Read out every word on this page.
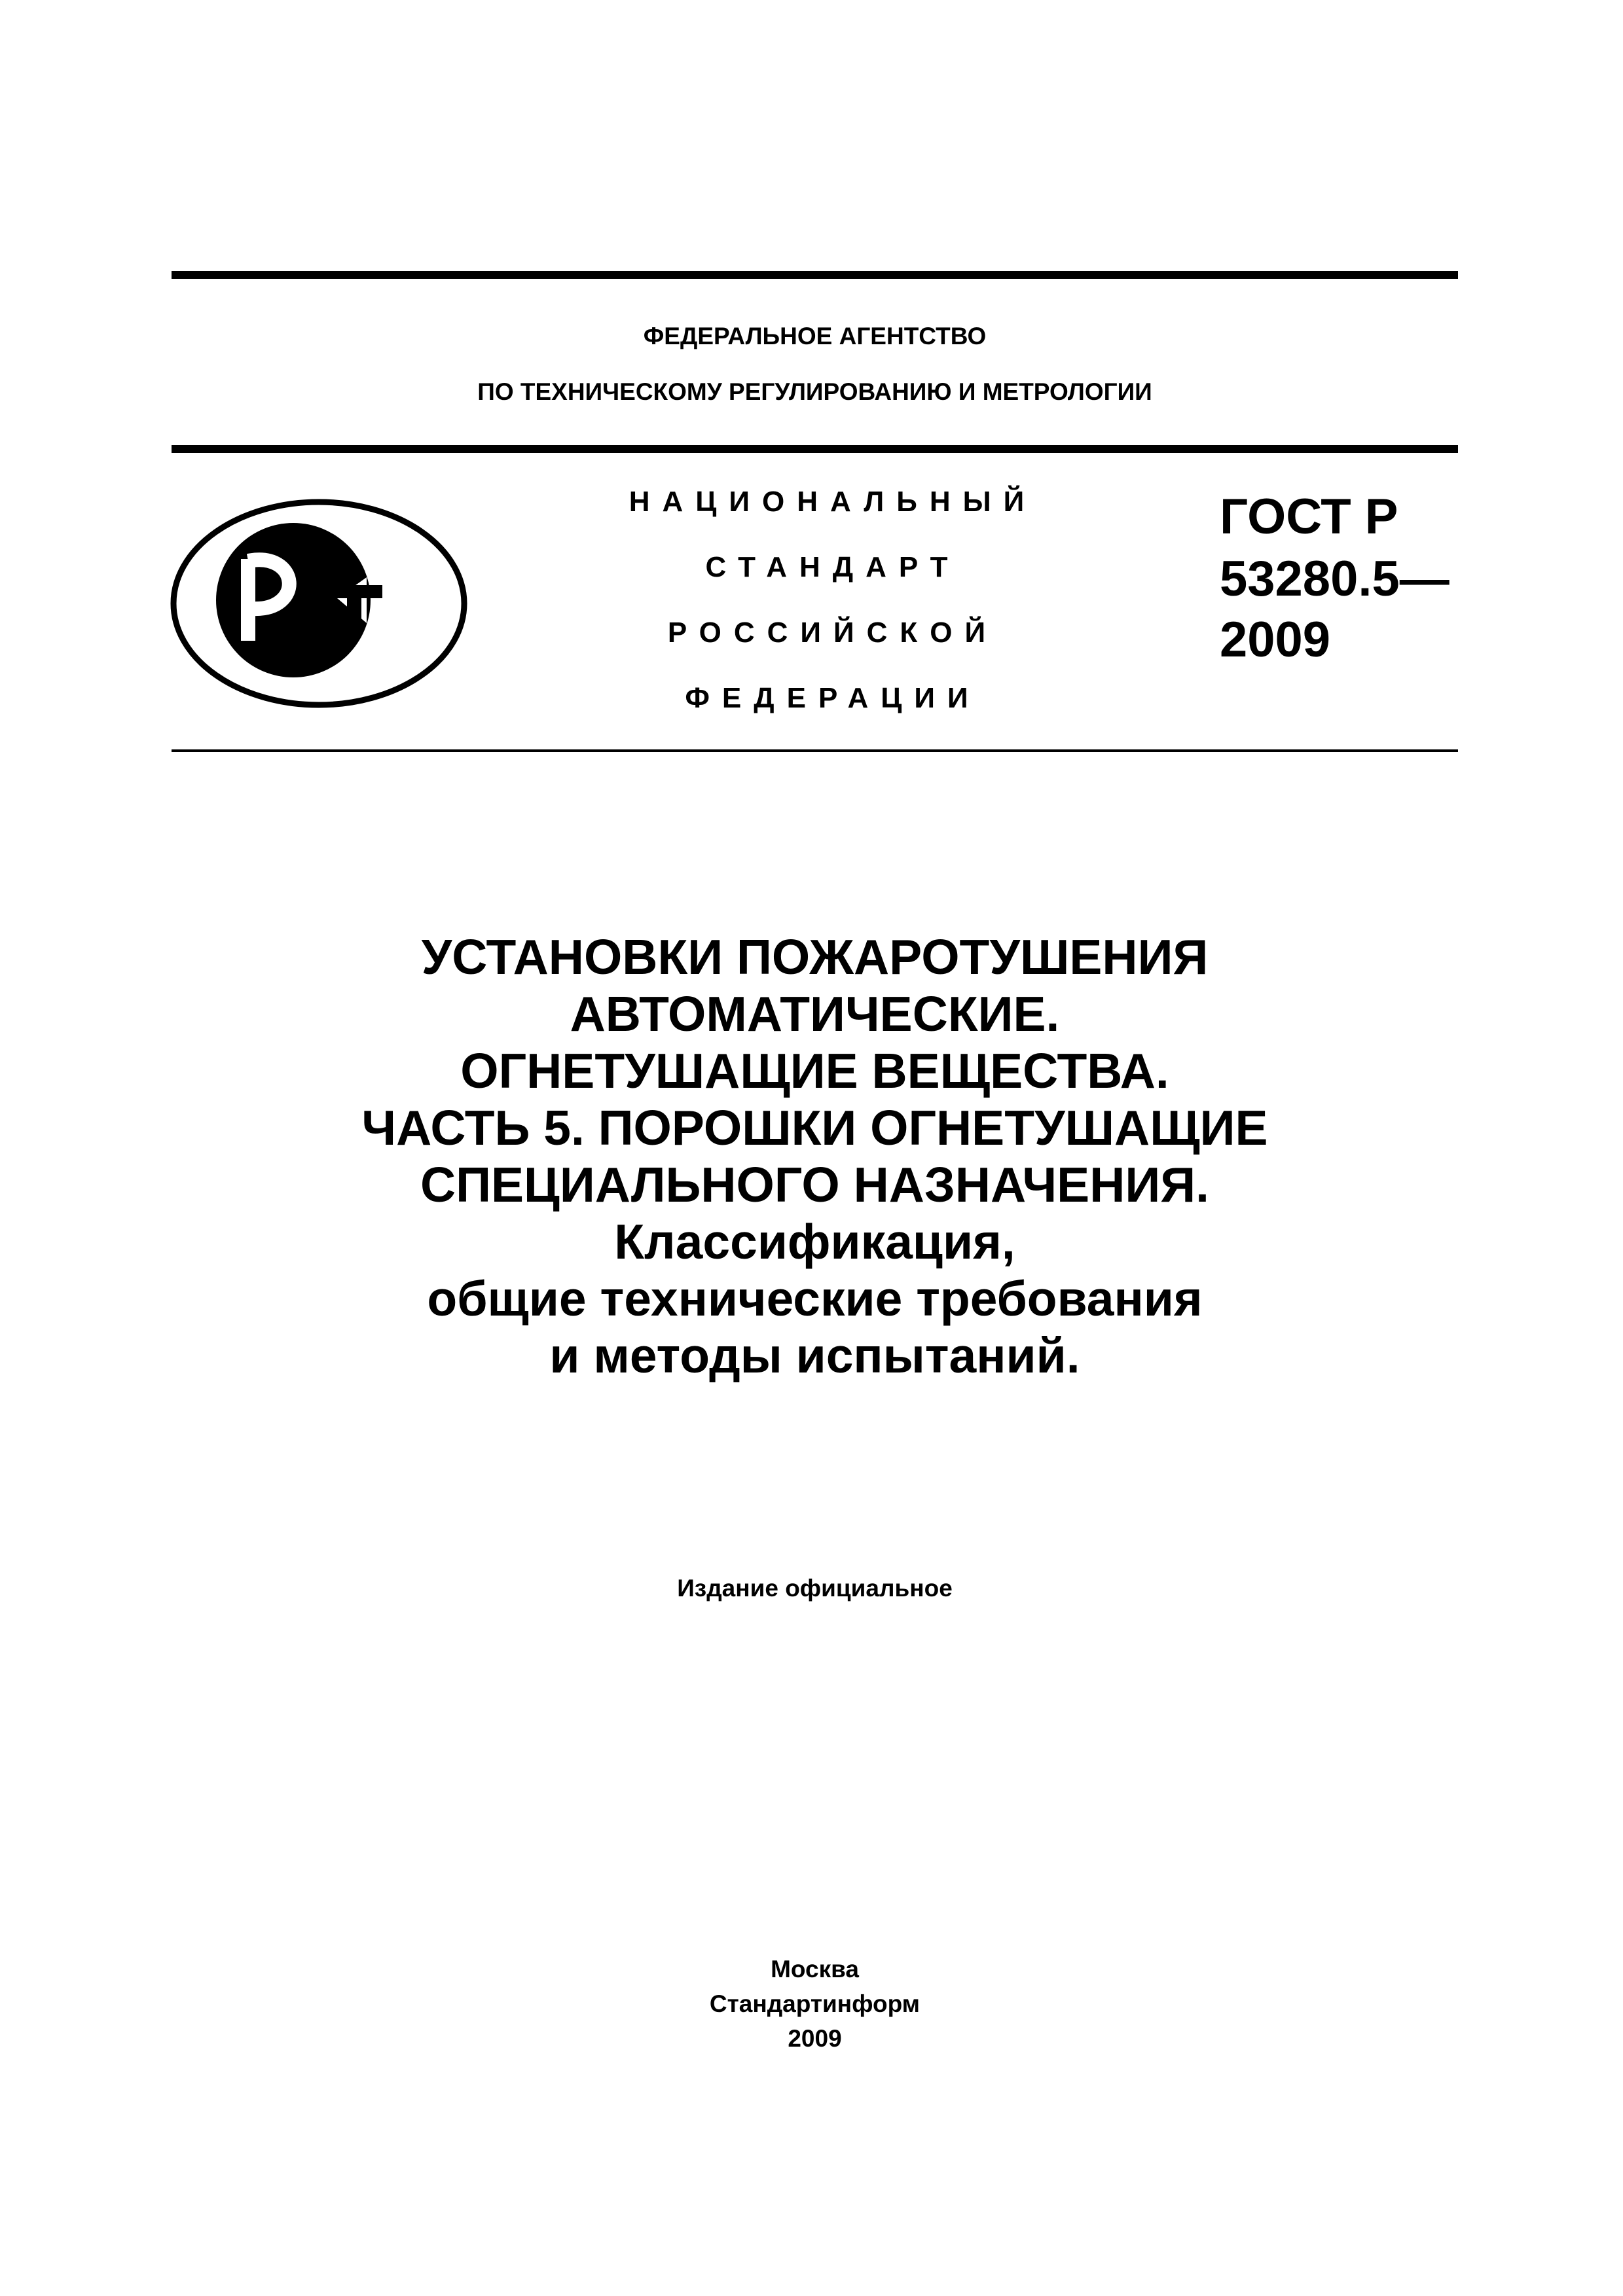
ФЕДЕРАЛЬНОЕ АГЕНТСТВО
ПО ТЕХНИЧЕСКОМУ РЕГУЛИРОВАНИЮ И МЕТРОЛОГИИ
НАЦИОНАЛЬНЫЙ
СТАНДАРТ
РОССИЙСКОЙ
ФЕДЕРАЦИИ
ГОСТ Р
53280.5—
2009
УСТАНОВКИ ПОЖАРОТУШЕНИЯ
АВТОМАТИЧЕСКИЕ.
ОГНЕТУШАЩИЕ ВЕЩЕСТВА.
ЧАСТЬ 5. ПОРОШКИ ОГНЕТУШАЩИЕ
СПЕЦИАЛЬНОГО НАЗНАЧЕНИЯ.
Классификация,
общие технические требования
и методы испытаний.
Издание официальное
Москва
Стандартинформ
2009
